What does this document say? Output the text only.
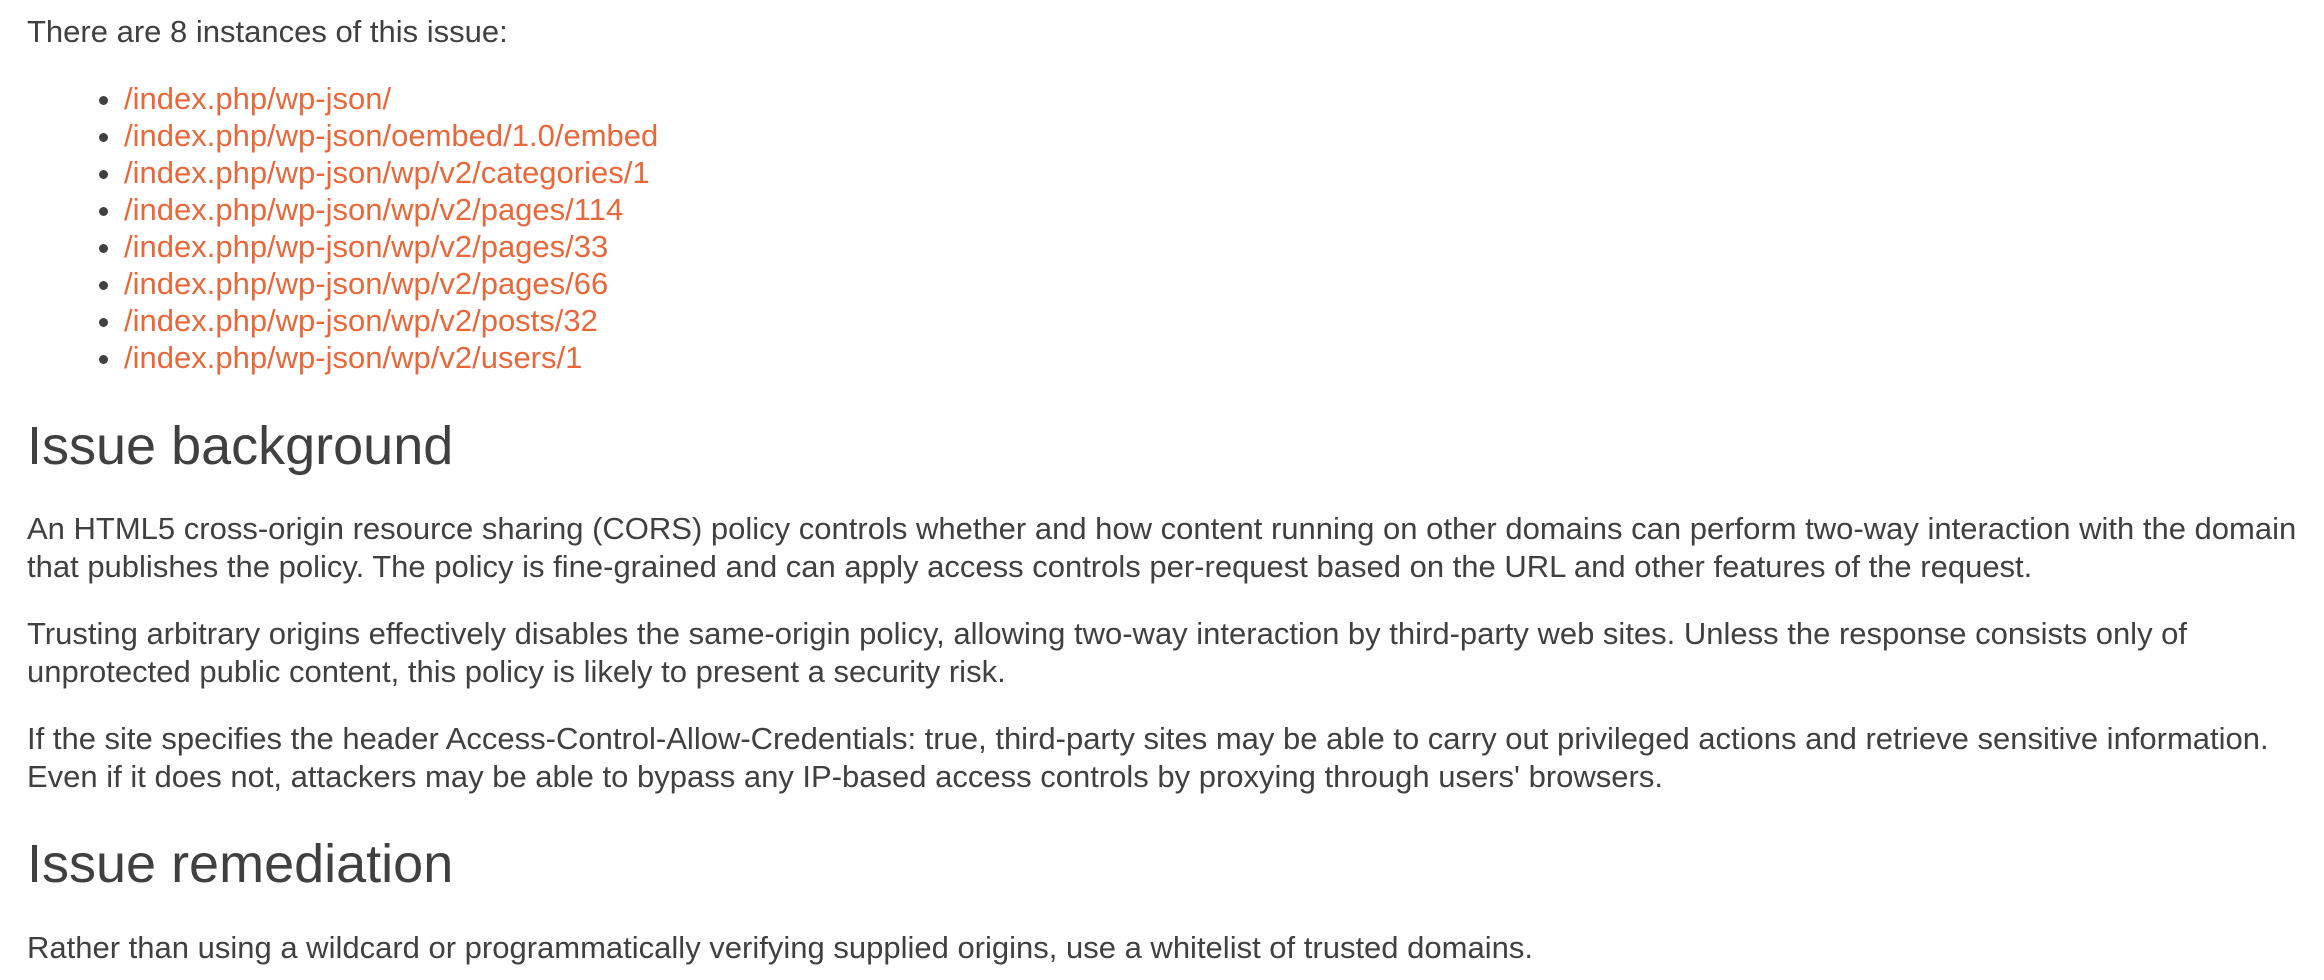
There are 8 instances of this issue:

• /index.php/wp-json/
• /index.php/wp-json/oembed/1.0/embed
• /index.php/wp-json/wp/v2/categories/1
• /index.php/wp-json/wp/v2/pages/114
• /index.php/wp-json/wp/v2/pages/33
• /index.php/wp-json/wp/v2/pages/66
• /index.php/wp-json/wp/v2/posts/32
• /index.php/wp-json/wp/v2/users/1
Issue background

An HTML5 cross-origin resource sharing (CORS) policy controls whether and how content running on other domains can perform two-way interaction with the domain that publishes the policy. The policy is fine-grained and can apply access controls per-request based on the URL and other features of the request.

Trusting arbitrary origins effectively disables the same-origin policy, allowing two-way interaction by third-party web sites. Unless the response consists only of unprotected public content, this policy is likely to present a security risk.

If the site specifies the header Access-Control-Allow-Credentials: true, third-party sites may be able to carry out privileged actions and retrieve sensitive information. Even if it does not, attackers may be able to bypass any IP-based access controls by proxying through users' browsers.

Issue remediation

Rather than using a wildcard or programmatically verifying supplied origins, use a whitelist of trusted domains.
